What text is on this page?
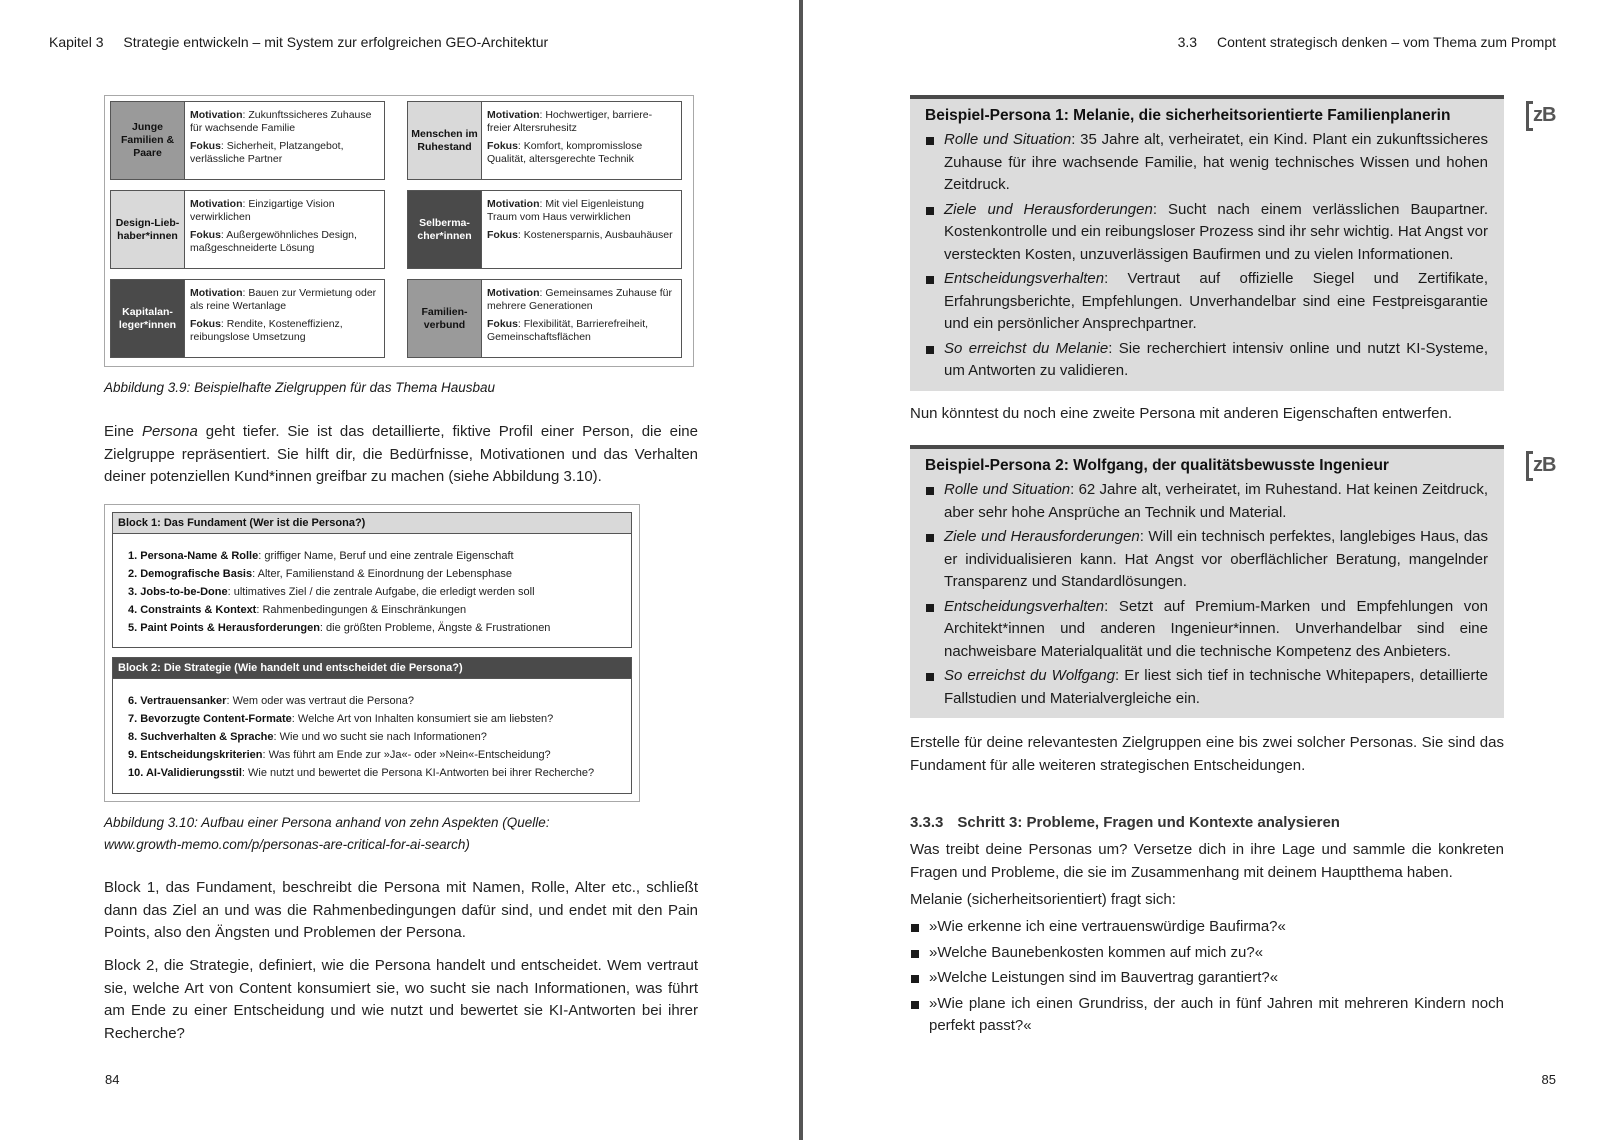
Kapitel 3 Strategie entwickeln – mit System zur erfolgreichen GEO-Architektur
Junge Familien & Paare

Motivation: Zukunftssicheres Zuhause für wachsende Familie

Fokus: Sicherheit, Platzangebot, verlässliche Partner

Menschen im Ruhestand

Motivation: Hochwertiger, barriere-freier Altersruhesitz

Fokus: Komfort, kompromisslose Qualität, altersgerechte Technik

Design-Lieb-haber*innen

Motivation: Einzigartige Vision verwirklichen

Fokus: Außergewöhnliches Design, maßgeschneiderte Lösung

Selberma-cher*innen

Motivation: Mit viel Eigenleistung Traum vom Haus verwirklichen

Fokus: Kostenersparnis, Ausbauhäuser

Kapitalan-leger*innen

Motivation: Bauen zur Vermietung oder als reine Wertanlage

Fokus: Rendite, Kosteneffizienz, reibungslose Umsetzung

Familien-verbund

Motivation: Gemeinsames Zuhause für mehrere Generationen

Fokus: Flexibilität, Barrierefreiheit, Gemeinschaftsflächen

Abbildung 3.9: Beispielhafte Zielgruppen für das Thema Hausbau

Eine Persona geht tiefer. Sie ist das detaillierte, fiktive Profil einer Person, die eine Zielgruppe repräsentiert. Sie hilft dir, die Bedürfnisse, Motivationen und das Verhalten deiner potenziellen Kund*innen greifbar zu machen (siehe Abbildung 3.10).

Block 1: Das Fundament (Wer ist die Persona?)
1. Persona-Name & Rolle: griffiger Name, Beruf und eine zentrale Eigenschaft
2. Demografische Basis: Alter, Familienstand & Einordnung der Lebensphase
3. Jobs-to-be-Done: ultimatives Ziel / die zentrale Aufgabe, die erledigt werden soll
4. Constraints & Kontext: Rahmenbedingungen & Einschränkungen
5. Paint Points & Herausforderungen: die größten Probleme, Ängste & Frustrationen
Block 2: Die Strategie (Wie handelt und entscheidet die Persona?)
6. Vertrauensanker: Wem oder was vertraut die Persona?
7. Bevorzugte Content-Formate: Welche Art von Inhalten konsumiert sie am liebsten?
8. Suchverhalten & Sprache: Wie und wo sucht sie nach Informationen?
9. Entscheidungskriterien: Was führt am Ende zur »Ja«- oder »Nein«-Entscheidung?
10. AI-Validierungsstil: Wie nutzt und bewertet die Persona KI-Antworten bei ihrer Recherche?
Abbildung 3.10: Aufbau einer Persona anhand von zehn Aspekten (Quelle:
www.growth-memo.com/p/personas-are-critical-for-ai-search)

Block 1, das Fundament, beschreibt die Persona mit Namen, Rolle, Alter etc., schließt dann das Ziel an und was die Rahmenbedingungen dafür sind, und endet mit den Pain Points, also den Ängsten und Problemen der Persona.

Block 2, die Strategie, definiert, wie die Persona handelt und entscheidet. Wem vertraut sie, welche Art von Content konsumiert sie, wo sucht sie nach Informationen, was führt am Ende zu einer Entscheidung und wie nutzt und bewertet sie KI-Antworten bei ihrer Recherche?

84
3.3 Content strategisch denken – vom Thema zum Prompt
Beispiel-Persona 1: Melanie, die sicherheitsorientierte Familienplanerin
Rolle und Situation: 35 Jahre alt, verheiratet, ein Kind. Plant ein zukunftssicheres Zuhause für ihre wachsende Familie, hat wenig technisches Wissen und hohen Zeitdruck.
Ziele und Herausforderungen: Sucht nach einem verlässlichen Baupartner. Kostenkontrolle und ein reibungsloser Prozess sind ihr sehr wichtig. Hat Angst vor versteckten Kosten, unzuverlässigen Baufirmen und zu vielen Informationen.
Entscheidungsverhalten: Vertraut auf offizielle Siegel und Zertifikate, Erfahrungsberichte, Empfehlungen. Unverhandelbar sind eine Festpreisgarantie und ein persönlicher Ansprechpartner.
So erreichst du Melanie: Sie recherchiert intensiv online und nutzt KI-Systeme, um Antworten zu validieren.
zB

Nun könntest du noch eine zweite Persona mit anderen Eigenschaften entwerfen.

Beispiel-Persona 2: Wolfgang, der qualitätsbewusste Ingenieur
Rolle und Situation: 62 Jahre alt, verheiratet, im Ruhestand. Hat keinen Zeitdruck, aber sehr hohe Ansprüche an Technik und Material.
Ziele und Herausforderungen: Will ein technisch perfektes, langlebiges Haus, das er individualisieren kann. Hat Angst vor oberflächlicher Beratung, mangelnder Transparenz und Standardlösungen.
Entscheidungsverhalten: Setzt auf Premium-Marken und Empfehlungen von Architekt*innen und anderen Ingenieur*innen. Unverhandelbar sind eine nachweisbare Materialqualität und die technische Kompetenz des Anbieters.
So erreichst du Wolfgang: Er liest sich tief in technische Whitepapers, detaillierte Fallstudien und Materialvergleiche ein.
zB

Erstelle für deine relevantesten Zielgruppen eine bis zwei solcher Personas. Sie sind das Fundament für alle weiteren strategischen Entscheidungen.

3.3.3 Schritt 3: Probleme, Fragen und Kontexte analysieren

Was treibt deine Personas um? Versetze dich in ihre Lage und sammle die konkreten Fragen und Probleme, die sie im Zusammenhang mit deinem Hauptthema haben.

Melanie (sicherheitsorientiert) fragt sich:

»Wie erkenne ich eine vertrauenswürdige Baufirma?«
»Welche Baunebenkosten kommen auf mich zu?«
»Welche Leistungen sind im Bauvertrag garantiert?«
»Wie plane ich einen Grundriss, der auch in fünf Jahren mit mehreren Kindern noch perfekt passt?«
85
